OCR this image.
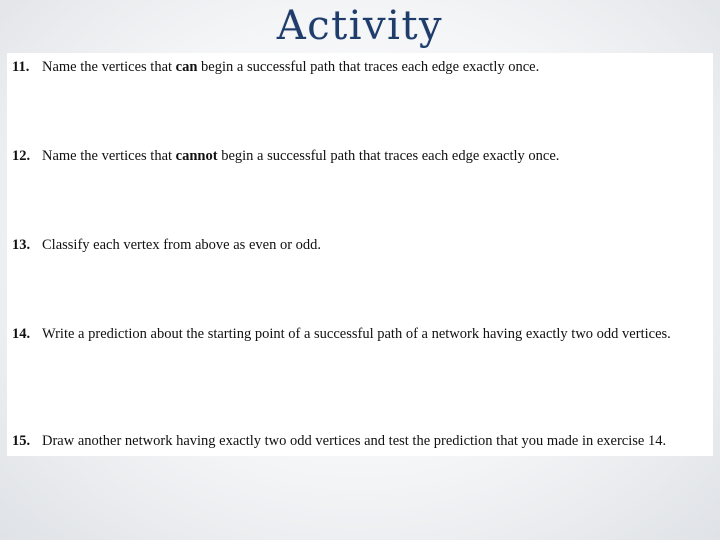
Activity
11. Name the vertices that can begin a successful path that traces each edge exactly once.
12. Name the vertices that cannot begin a successful path that traces each edge exactly once.
13. Classify each vertex from above as even or odd.
14. Write a prediction about the starting point of a successful path of a network having exactly two odd vertices.
15. Draw another network having exactly two odd vertices and test the prediction that you made in exercise 14.
